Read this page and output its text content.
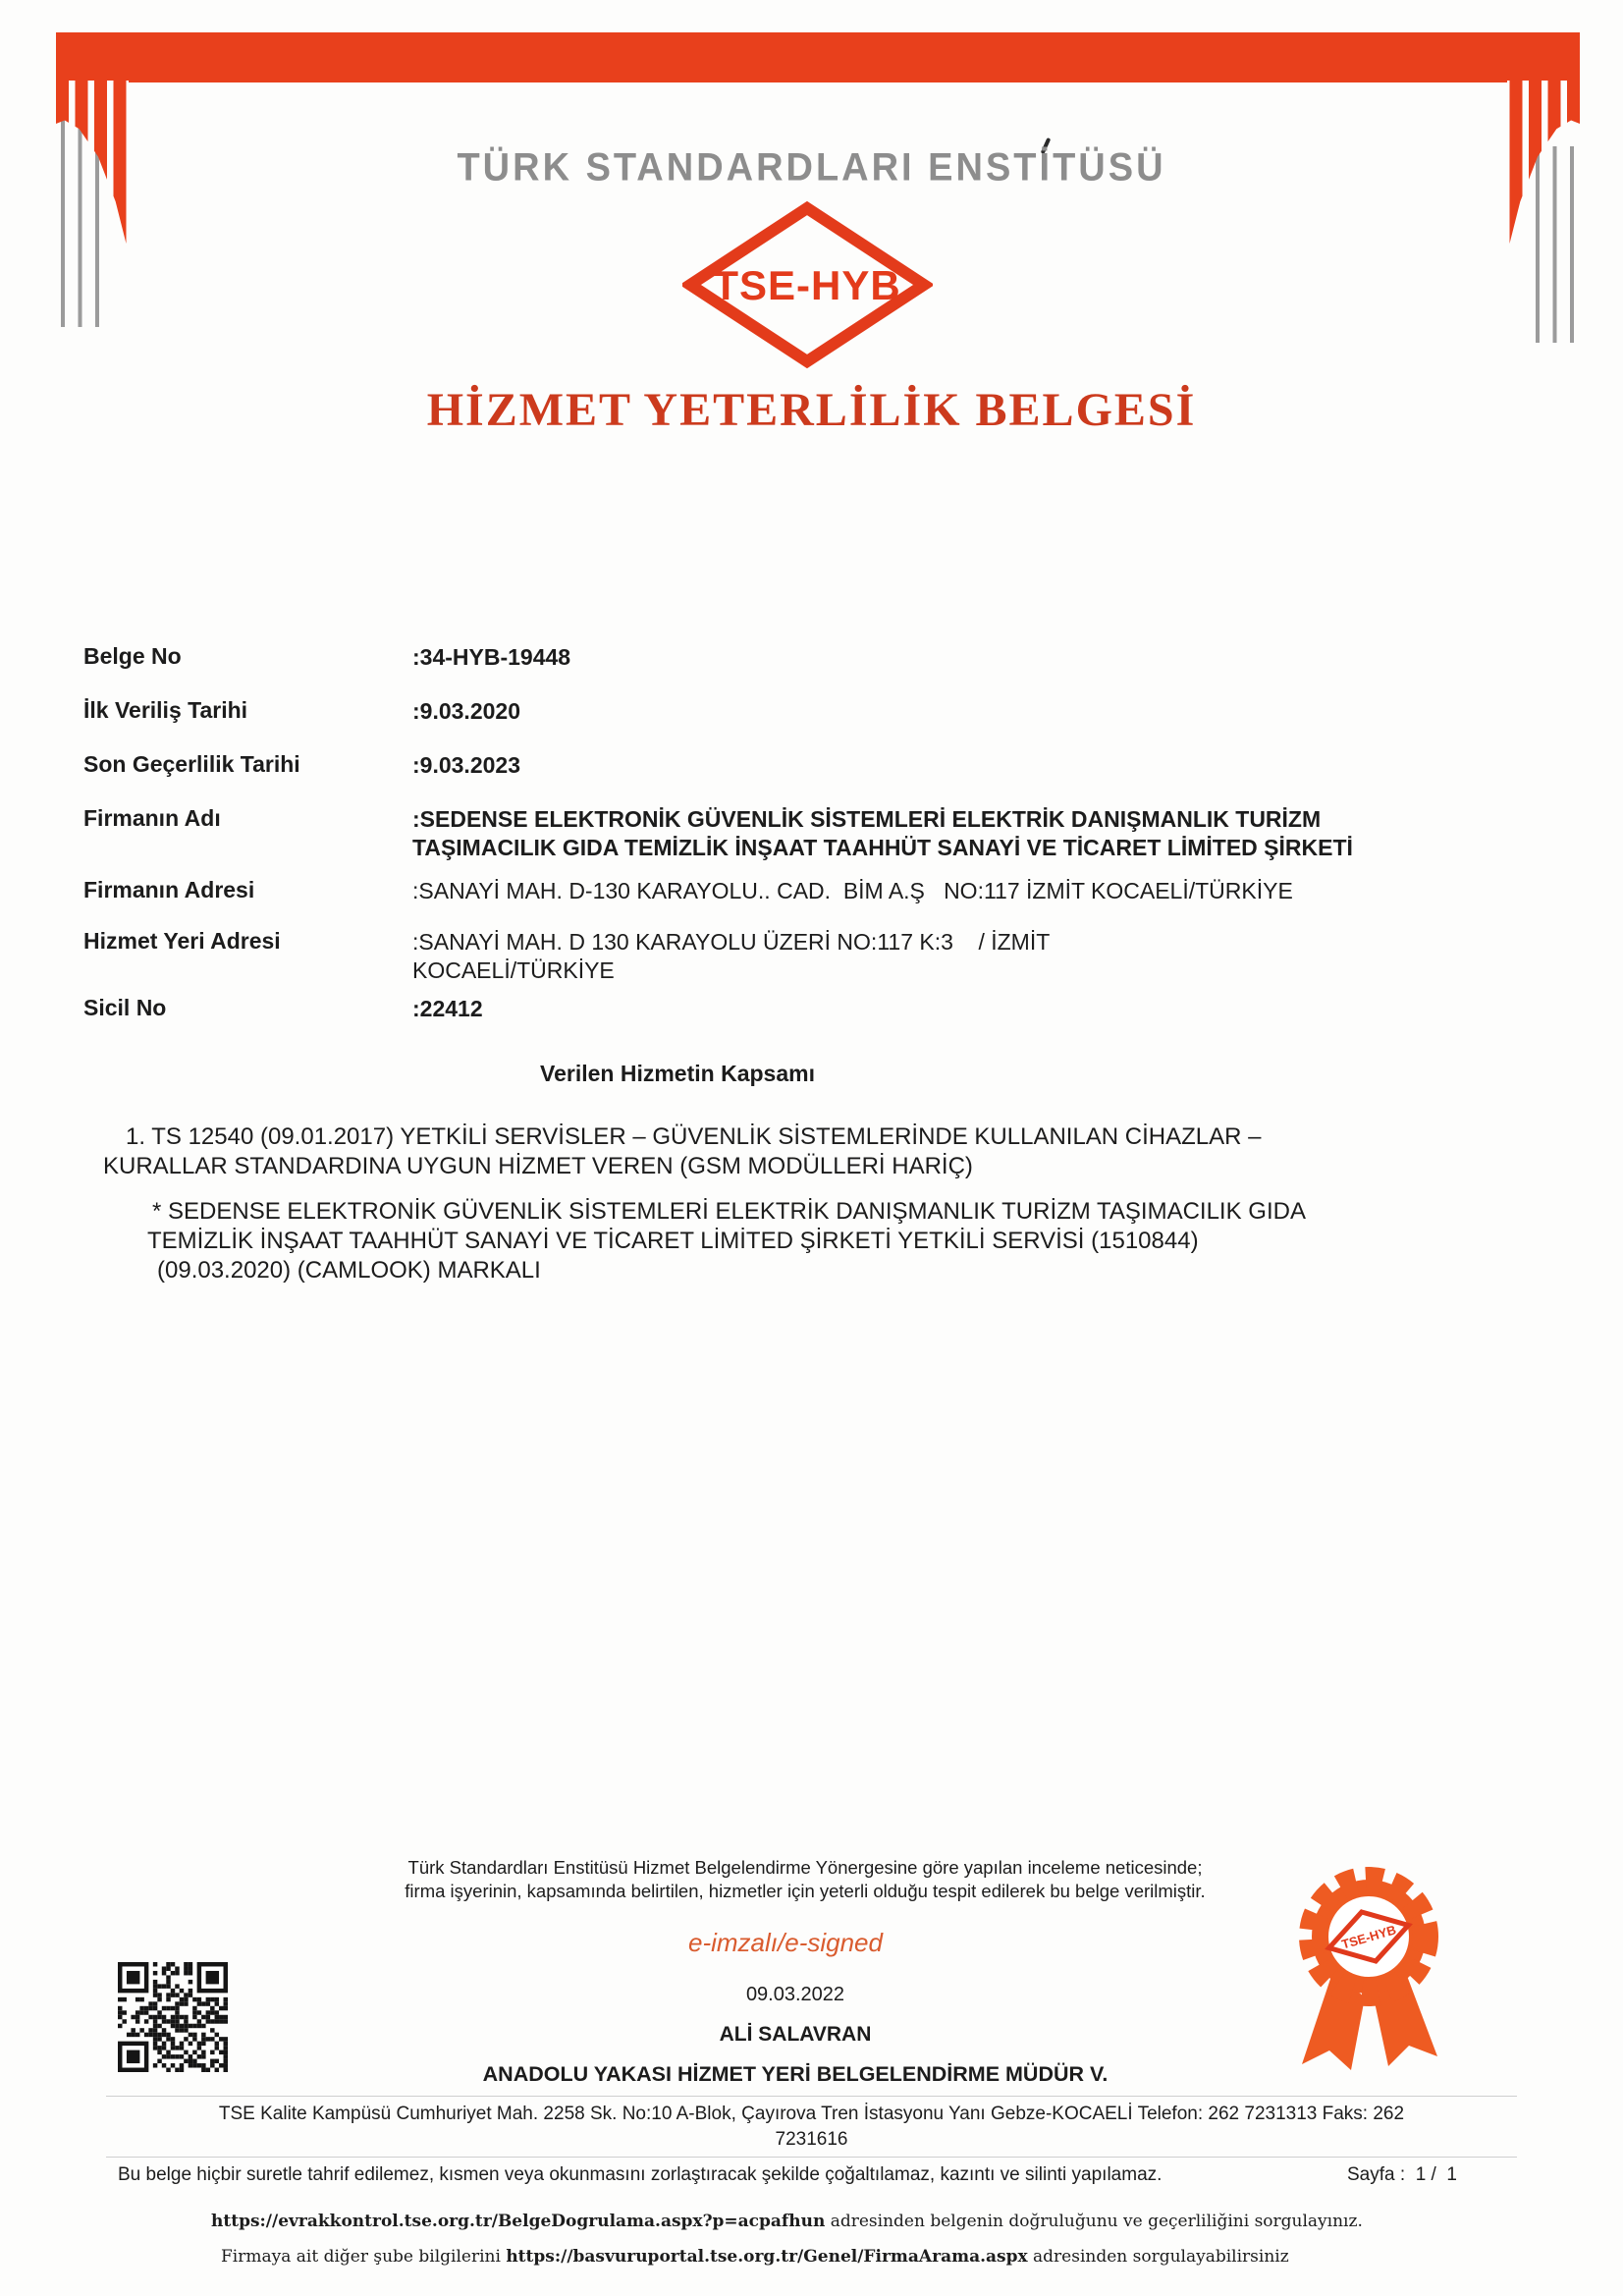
TÜRK STANDARDLARI ENSTİTÜSÜ
TSE-HYB
HİZMET YETERLİLİK BELGESİ
Belge No	:34-HYB-19448
İlk Veriliş Tarihi	:9.03.2020
Son Geçerlilik Tarihi	:9.03.2023
Firmanın Adı	:SEDENSE ELEKTRONİK GÜVENLİK SİSTEMLERİ ELEKTRİK DANIŞMANLIK TURİZM
TAŞIMACILIK GIDA TEMİZLİK İNŞAAT TAAHHÜT SANAYİ VE TİCARET LİMİTED ŞİRKETİ
Firmanın Adresi	:SANAYİ MAH. D-130 KARAYOLU.. CAD.  BİM A.Ş   NO:117 İZMİT KOCAELİ/TÜRKİYE
Hizmet Yeri Adresi	:SANAYİ MAH. D 130 KARAYOLU ÜZERİ NO:117 K:3    / İZMİT
KOCAELİ/TÜRKİYE
Sicil No	:22412
Verilen Hizmetin Kapsamı
1. TS 12540 (09.01.2017) YETKİLİ SERVİSLER – GÜVENLİK SİSTEMLERİNDE KULLANILAN CİHAZLAR –
KURALLAR STANDARDINA UYGUN HİZMET VEREN (GSM MODÜLLERİ HARİÇ)
* SEDENSE ELEKTRONİK GÜVENLİK SİSTEMLERİ ELEKTRİK DANIŞMANLIK TURİZM TAŞIMACILIK GIDA
TEMİZLİK İNŞAAT TAAHHÜT SANAYİ VE TİCARET LİMİTED ŞİRKETİ YETKİLİ SERVİSİ (1510844)
(09.03.2020) (CAMLOOK) MARKALI
Türk Standardları Enstitüsü Hizmet Belgelendirme Yönergesine göre yapılan inceleme neticesinde;
firma işyerinin, kapsamında belirtilen, hizmetler için yeterli olduğu tespit edilerek bu belge verilmiştir.
e-imzalı/e-signed
09.03.2022
ALİ SALAVRAN
ANADOLU YAKASI HİZMET YERİ BELGELENDİRME MÜDÜR V.
TSE-HYB
TSE Kalite Kampüsü Cumhuriyet Mah. 2258 Sk. No:10 A-Blok, Çayırova Tren İstasyonu Yanı Gebze-KOCAELİ Telefon: 262 7231313 Faks: 262
7231616
Bu belge hiçbir suretle tahrif edilemez, kısmen veya okunmasını zorlaştıracak şekilde çoğaltılamaz, kazıntı ve silinti yapılamaz.	Sayfa :  1 /  1
https://evrakkontrol.tse.org.tr/BelgeDogrulama.aspx?p=acpafhun adresinden belgenin doğruluğunu ve geçerliliğini sorgulayınız.
Firmaya ait diğer şube bilgilerini https://basvuruportal.tse.org.tr/Genel/FirmaArama.aspx adresinden sorgulayabilirsiniz
